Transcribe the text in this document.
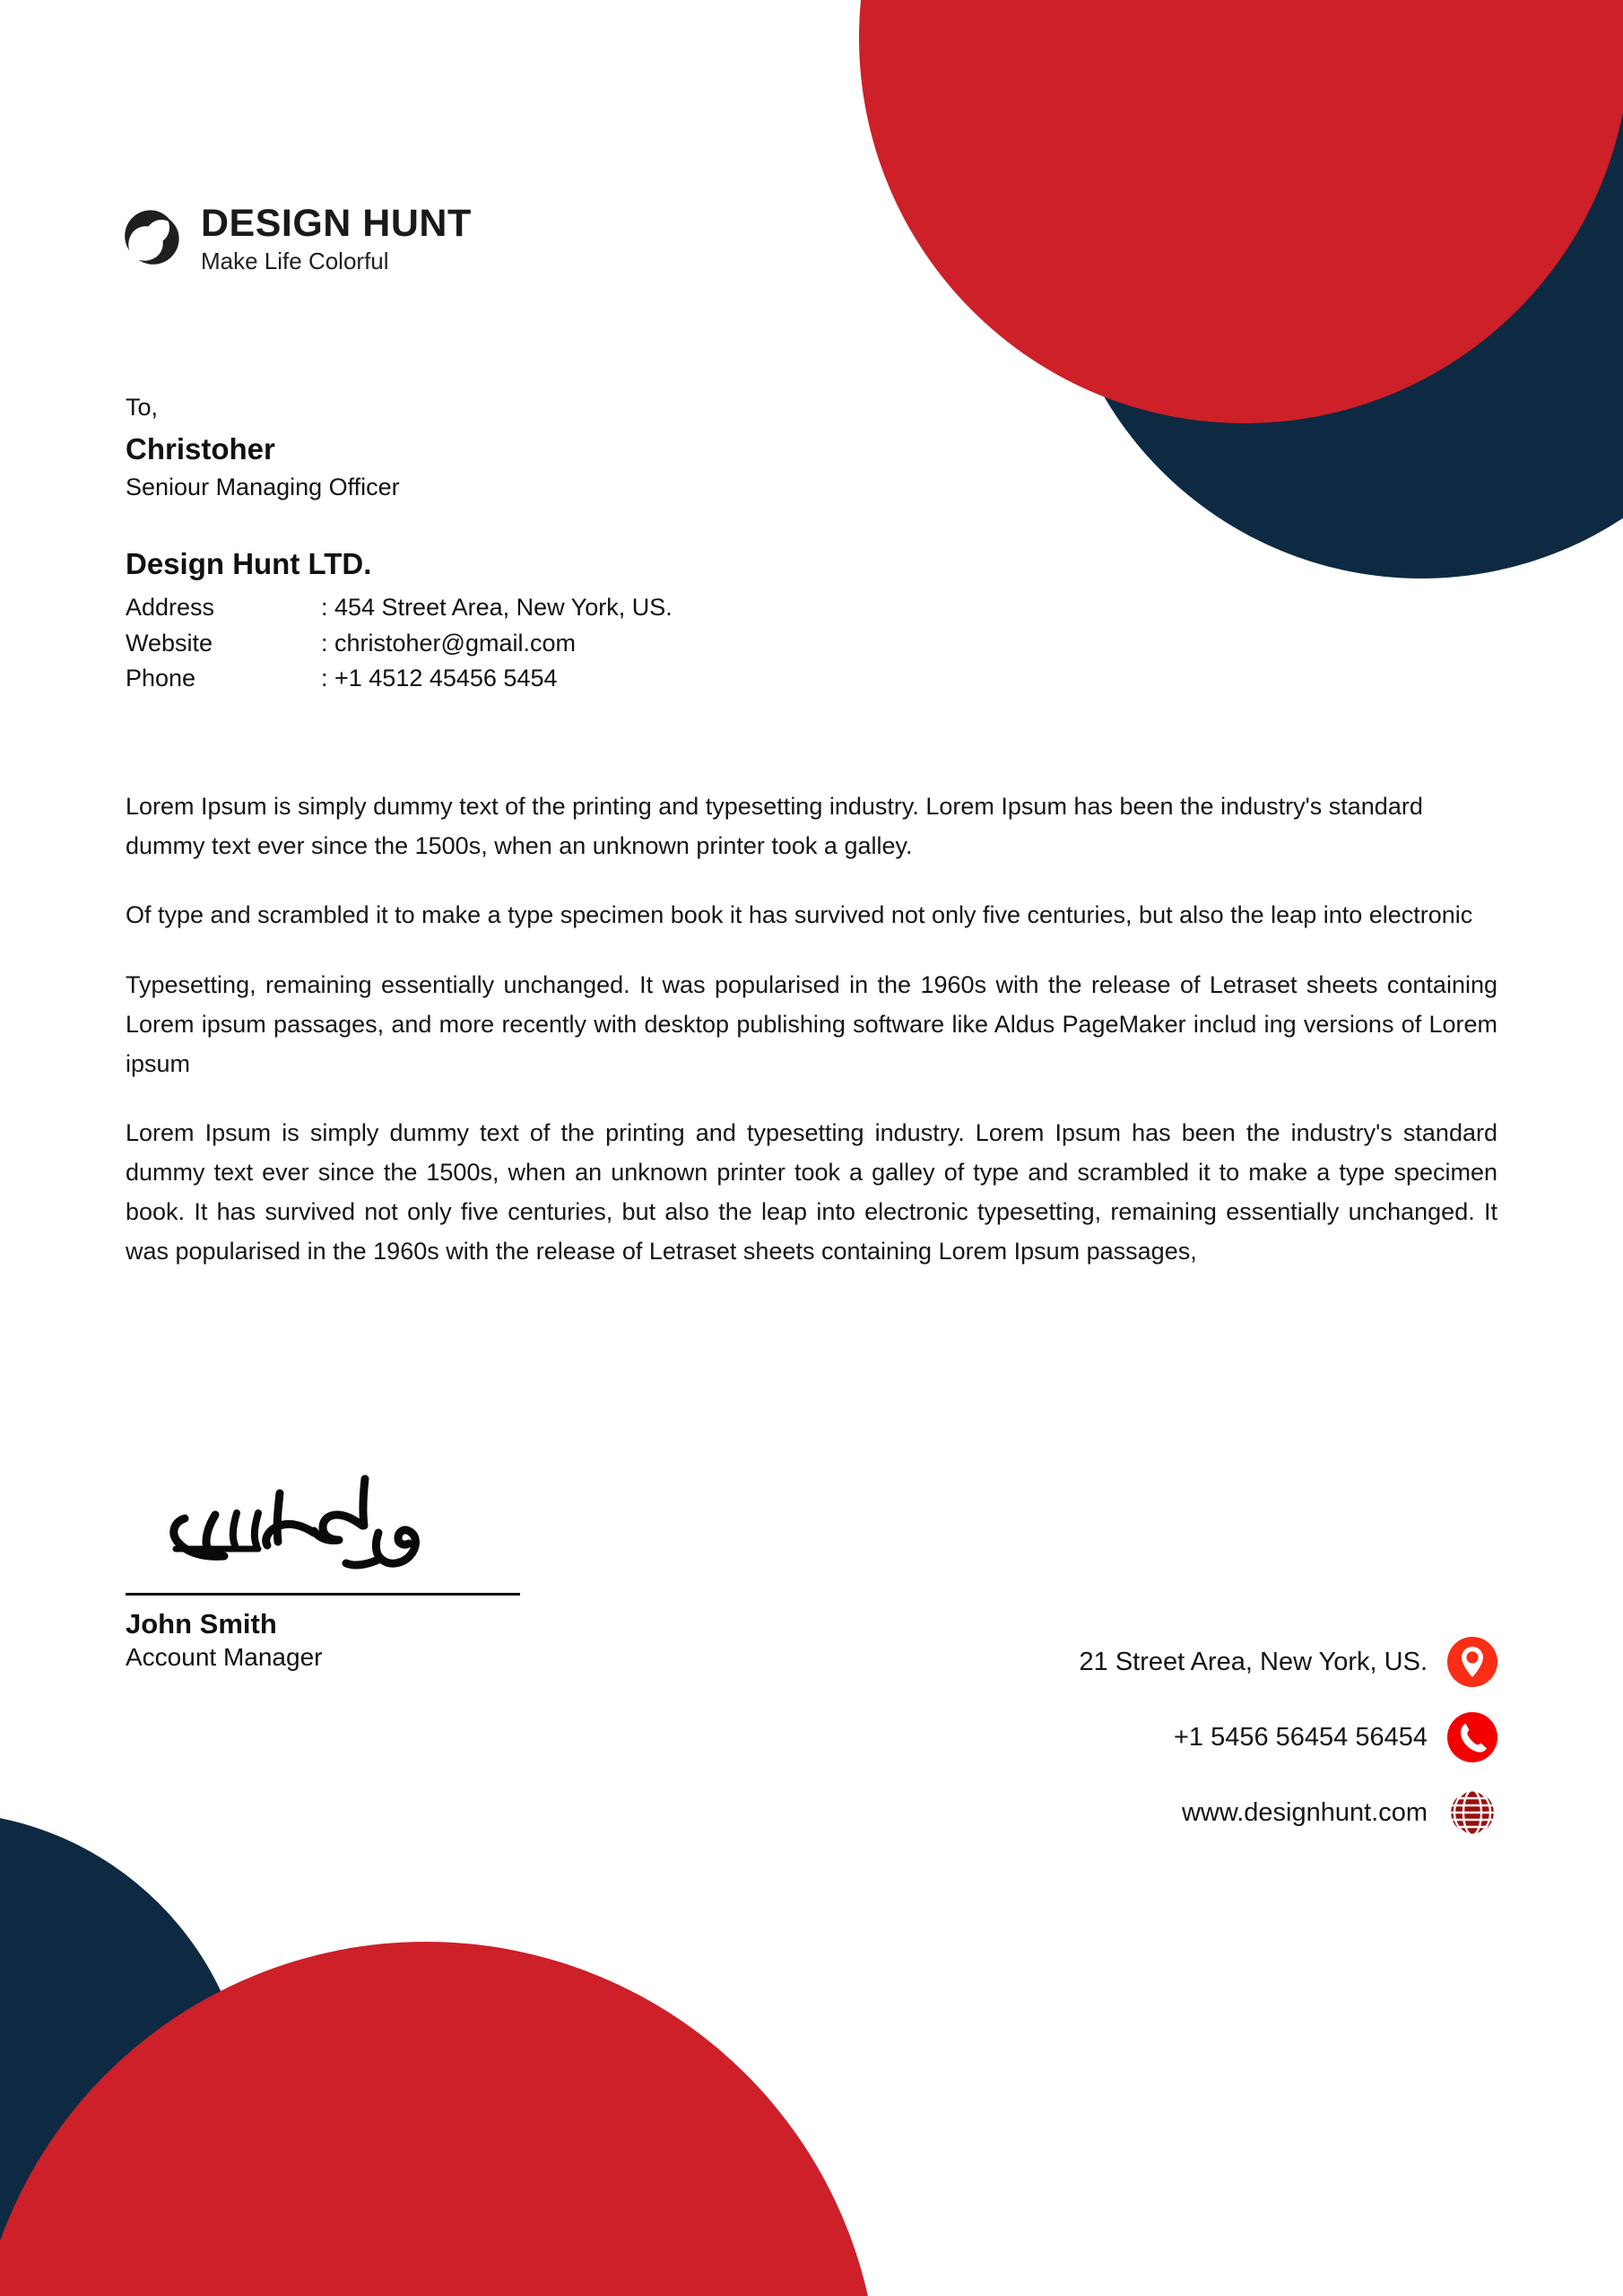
DESIGN HUNT
Make Life Colorful
To,
Christoher
Seniour Managing Officer
Design Hunt LTD.
Address	: 454 Street Area, New York, US.
Website	: christoher@gmail.com
Phone	: +1 4512 45456 5454

Lorem Ipsum is simply dummy text of the printing and typesetting industry. Lorem Ipsum has been the industry's standard dummy text ever since the 1500s, when an unknown printer took a galley.

Of type and scrambled it to make a type specimen book it has survived not only five centuries, but also the leap into electronic

Typesetting, remaining essentially unchanged. It was popularised in the 1960s with the release of Letraset sheets containing Lorem ipsum passages, and more recently with desktop publishing software like Aldus PageMaker includ ing versions of Lorem ipsum

Lorem Ipsum is simply dummy text of the printing and typesetting industry. Lorem Ipsum has been the industry's standard dummy text ever since the 1500s, when an unknown printer took a galley of type and scrambled it to make a type specimen book. It has survived not only five centuries, but also the leap into electronic typesetting, remaining essentially unchanged. It was popularised in the 1960s with the release of Letraset sheets containing Lorem Ipsum passages,

John Smith
Account Manager	21 Street Area, New York, US.
+1 5456 56454 56454
www.designhunt.com
